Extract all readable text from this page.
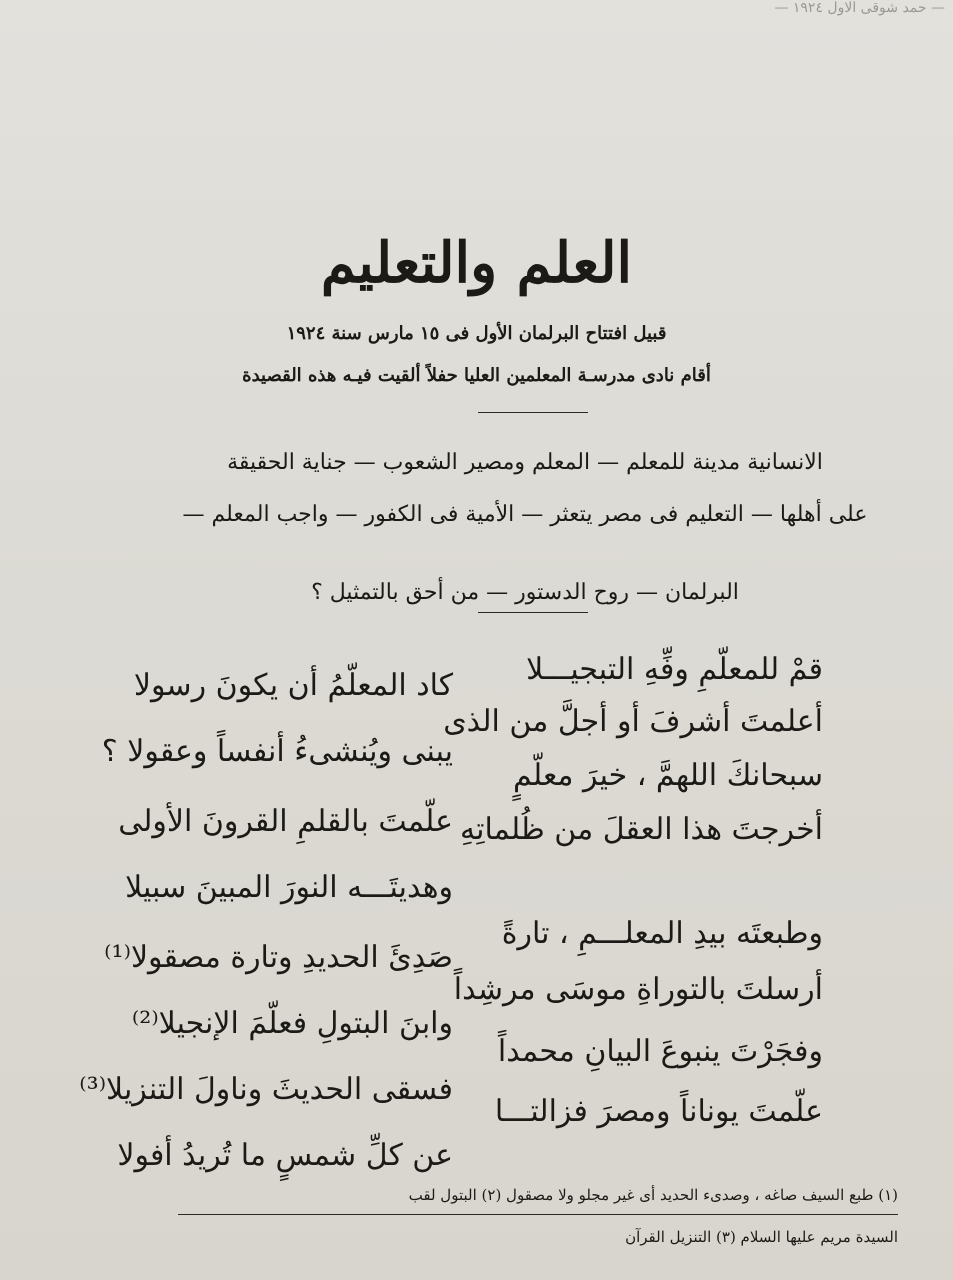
— حمد شوقى الاول ١٩٢٤ —
العلم والتعليم
قبيل افتتاح البرلمان الأول فى ١٥ مارس سنة ١٩٢٤
أقام نادى مدرسـة المعلمين العليا حفلاً ألقيت فيـه هذه القصيدة
الانسانية مدينة للمعلم — المعلم ومصير الشعوب — جناية الحقيقة
على أهلها — التعليم فى مصر يتعثر — الأمية فى الكفور — واجب المعلم —
البرلمان — روح الدستور — من أحق بالتمثيل ؟
قمْ للمعلّمِ وفِّهِ التبجيـــلا
كاد المعلّمُ أن يكونَ رسولا
أعلمتَ أشرفَ أو أجلَّ من الذى
يبنى ويُنشىءُ أنفساً وعقولا ؟
سبحانكَ اللهمَّ ، خيرَ معلّمٍ
علّمتَ بالقلمِ القرونَ الأولى أخرجتَ هذا العقلَ من ظُلماتِهِ
وهديتَـــه النورَ المبينَ سبيلا
وطبعتَه بيدِ المعلـــمِ ، تارةً
صَدِئَ الحديدِ وتارة مصقولا⁽¹⁾
أرسلتَ بالتوراةِ موسَى مرشِداً
وابنَ البتولِ فعلّمَ الإنجيلا⁽²⁾
وفجَرْتَ ينبوعَ البيانِ محمداً
فسقى الحديثَ وناولَ التنزيلا⁽³⁾
علّمتَ يوناناً ومصرَ فزالتـــا
عن كلِّ شمسٍ ما تُريدُ أفولا
(١) طبع السيف صاغه ، وصدىء الحديد أى غير مجلو ولا مصقول (٢) البتول لقب
السيدة مريم عليها السلام (٣) التنزيل القرآن
